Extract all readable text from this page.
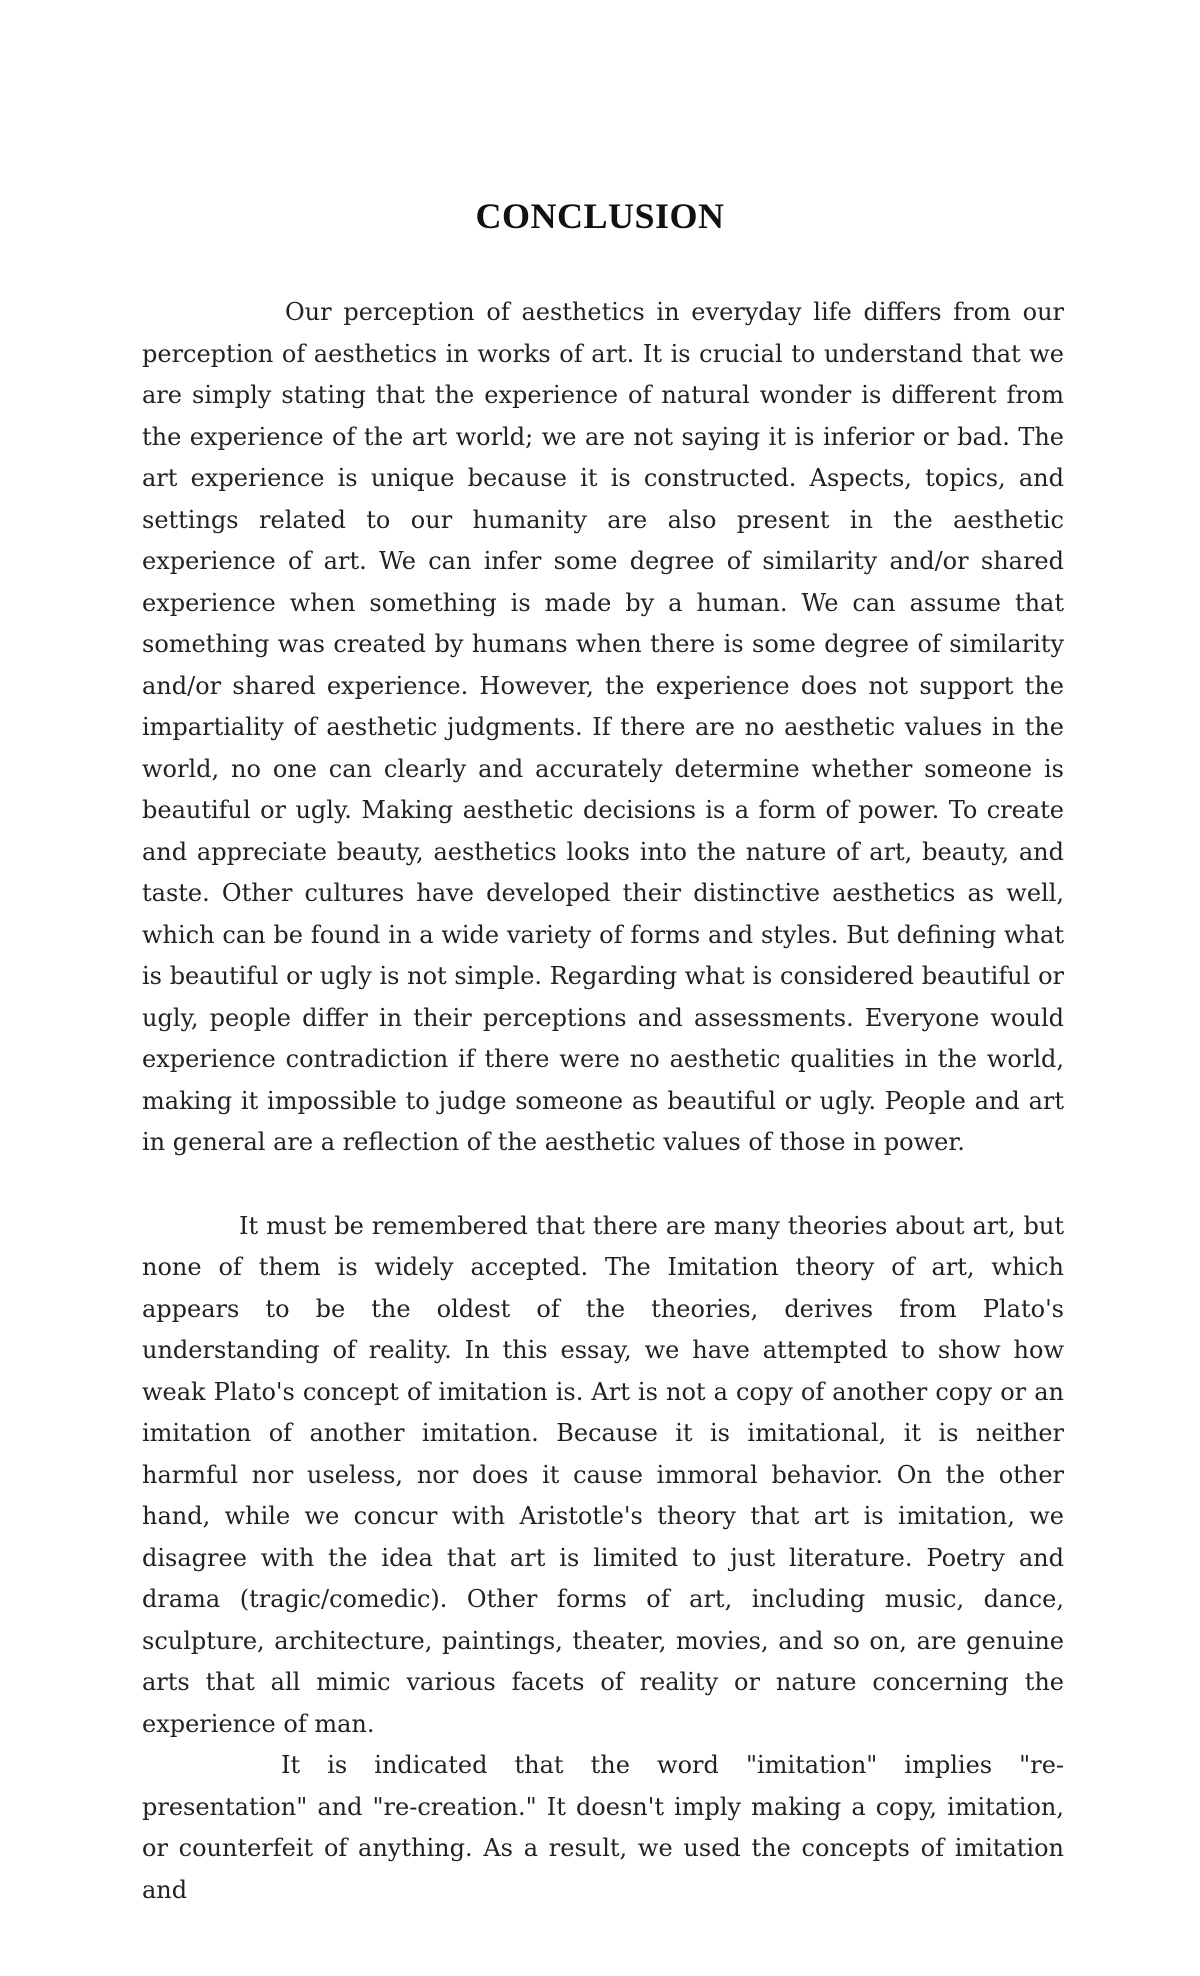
CONCLUSION

Our perception of aesthetics in everyday life differs from our perception of aesthetics in works of art. It is crucial to understand that we are simply stating that the experience of natural wonder is different from the experience of the art world; we are not saying it is inferior or bad. The art experience is unique because it is constructed. Aspects, topics, and settings related to our humanity are also present in the aesthetic experience of art. We can infer some degree of similarity and/or shared experience when something is made by a human. We can assume that something was created by humans when there is some degree of similarity and/or shared experience. However, the experience does not support the impartiality of aesthetic judgments. If there are no aesthetic values in the world, no one can clearly and accurately determine whether someone is beautiful or ugly. Making aesthetic decisions is a form of power. To create and appreciate beauty, aesthetics looks into the nature of art, beauty, and taste. Other cultures have developed their distinctive aesthetics as well, which can be found in a wide variety of forms and styles. But defining what is beautiful or ugly is not simple. Regarding what is considered beautiful or ugly, people differ in their perceptions and assessments. Everyone would experience contradiction if there were no aesthetic qualities in the world, making it impossible to judge someone as beautiful or ugly. People and art in general are a reflection of the aesthetic values of those in power.

It must be remembered that there are many theories about art, but none of them is widely accepted. The Imitation theory of art, which appears to be the oldest of the theories, derives from Plato's understanding of reality. In this essay, we have attempted to show how weak Plato's concept of imitation is. Art is not a copy of another copy or an imitation of another imitation. Because it is imitational, it is neither harmful nor useless, nor does it cause immoral behavior. On the other hand, while we concur with Aristotle's theory that art is imitation, we disagree with the idea that art is limited to just literature. Poetry and drama (tragic/comedic). Other forms of art, including music, dance, sculpture, architecture, paintings, theater, movies, and so on, are genuine arts that all mimic various facets of reality or nature concerning the experience of man.

It is indicated that the word "imitation" implies "re-presentation" and "re-creation." It doesn't imply making a copy, imitation, or counterfeit of anything. As a result, we used the concepts of imitation and
